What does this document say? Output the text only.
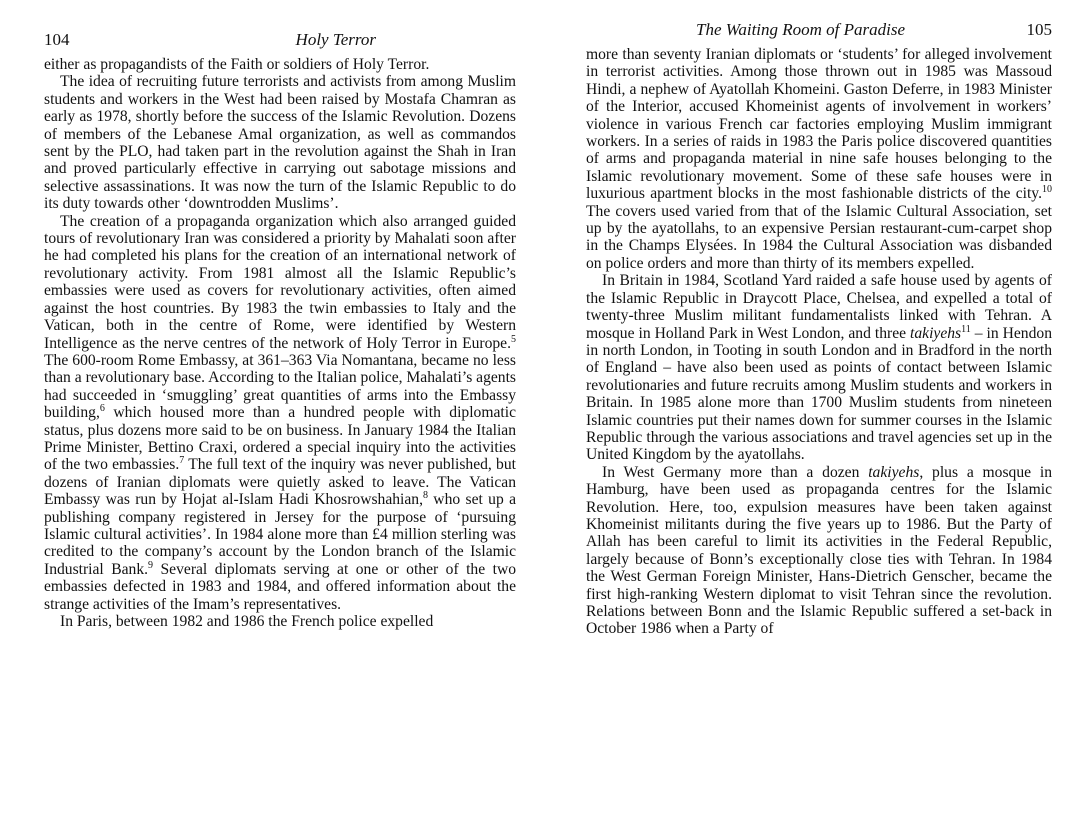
104	Holy Terror

either as propagandists of the Faith or soldiers of Holy Terror.

The idea of recruiting future terrorists and activists from among Muslim students and workers in the West had been raised by Mostafa Chamran as early as 1978, shortly before the success of the Islamic Revolution. Dozens of members of the Lebanese Amal organization, as well as commandos sent by the PLO, had taken part in the revolution against the Shah in Iran and proved particularly effective in carrying out sabotage missions and selective assassinations. It was now the turn of the Islamic Republic to do its duty towards other ‘downtrodden Muslims’.

The creation of a propaganda organization which also arranged guided tours of revolutionary Iran was considered a priority by Mahalati soon after he had completed his plans for the creation of an international network of revolutionary activity. From 1981 almost all the Islamic Republic’s embassies were used as covers for revolutionary activities, often aimed against the host countries. By 1983 the twin embassies to Italy and the Vatican, both in the centre of Rome, were identified by Western Intelligence as the nerve centres of the network of Holy Terror in Europe.$^5$ The 600-room Rome Embassy, at 361–363 Via Nomantana, became no less than a revolutionary base. According to the Italian police, Mahalati’s agents had succeeded in ‘smuggling’ great quantities of arms into the Embassy building,$^6$ which housed more than a hundred people with diplomatic status, plus dozens more said to be on business. In January 1984 the Italian Prime Minister, Bettino Craxi, ordered a special inquiry into the activities of the two embassies.$^7$ The full text of the inquiry was never published, but dozens of Iranian diplomats were quietly asked to leave. The Vatican Embassy was run by Hojat al-Islam Hadi Khosrowshahian,$^8$ who set up a publishing company registered in Jersey for the purpose of ‘pursuing Islamic cultural activities’. In 1984 alone more than £4 million sterling was credited to the company’s account by the London branch of the Islamic Industrial Bank.$^9$ Several diplomats serving at one or other of the two embassies defected in 1983 and 1984, and offered information about the strange activities of the Imam’s representatives.

In Paris, between 1982 and 1986 the French police expelled

The Waiting Room of Paradise	105

more than seventy Iranian diplomats or ‘students’ for alleged involvement in terrorist activities. Among those thrown out in 1985 was Massoud Hindi, a nephew of Ayatollah Khomeini. Gaston Deferre, in 1983 Minister of the Interior, accused Khomeinist agents of involvement in workers’ violence in various French car factories employing Muslim immigrant workers. In a series of raids in 1983 the Paris police discovered quantities of arms and propaganda material in nine safe houses belonging to the Islamic revolutionary movement. Some of these safe houses were in luxurious apartment blocks in the most fashionable districts of the city.$^{10}$ The covers used varied from that of the Islamic Cultural Association, set up by the ayatollahs, to an expensive Persian restaurant-cum-carpet shop in the Champs Elysées. In 1984 the Cultural Association was disbanded on police orders and more than thirty of its members expelled.

In Britain in 1984, Scotland Yard raided a safe house used by agents of the Islamic Republic in Draycott Place, Chelsea, and expelled a total of twenty-three Muslim militant fundamentalists linked with Tehran. A mosque in Holland Park in West London, and three takiyehs$^{11}$ – in Hendon in north London, in Tooting in south London and in Bradford in the north of England – have also been used as points of contact between Islamic revolutionaries and future recruits among Muslim students and workers in Britain. In 1985 alone more than 1700 Muslim students from nineteen Islamic countries put their names down for summer courses in the Islamic Republic through the various associations and travel agencies set up in the United Kingdom by the ayatollahs.

In West Germany more than a dozen takiyehs, plus a mosque in Hamburg, have been used as propaganda centres for the Islamic Revolution. Here, too, expulsion measures have been taken against Khomeinist militants during the five years up to 1986. But the Party of Allah has been careful to limit its activities in the Federal Republic, largely because of Bonn’s exceptionally close ties with Tehran. In 1984 the West German Foreign Minister, Hans-Dietrich Genscher, became the first high-ranking Western diplomat to visit Tehran since the revolution. Relations between Bonn and the Islamic Republic suffered a set-back in October 1986 when a Party of
